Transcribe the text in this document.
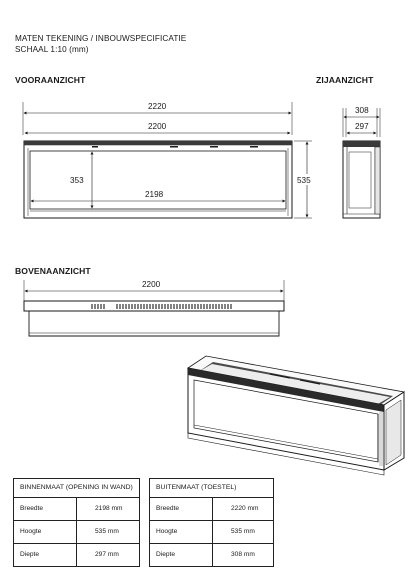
MATEN TEKENING / INBOUWSPECIFICATIE
SCHAAL 1:10 (mm)
VOORAANZICHT	ZIJAANZICHT
BOVENAANZICHT
2220
2200
353
2198
535
308
297
2200
BINNENMAAT (OPENING IN WAND)
Breedte	2198 mm
Hoogte	535 mm
Diepte	297 mm
BUITENMAAT (TOESTEL)
Breedte	2220 mm
Hoogte	535 mm
Diepte	308 mm
